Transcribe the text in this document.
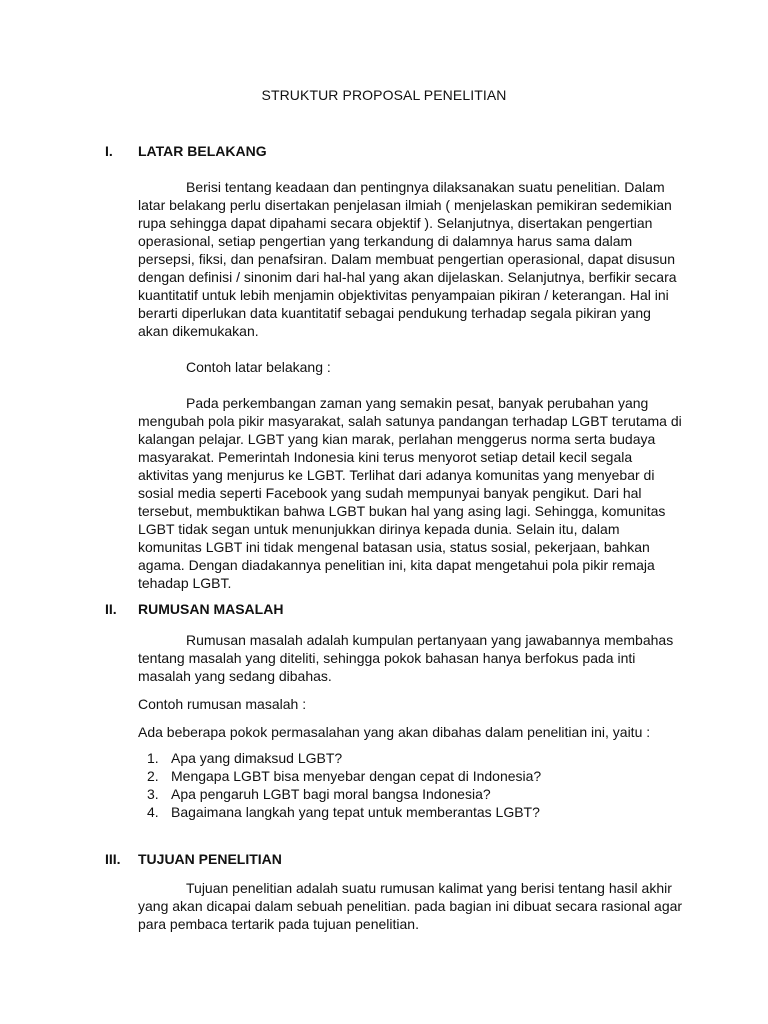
STRUKTUR PROPOSAL PENELITIAN
I. LATAR BELAKANG

Berisi tentang keadaan dan pentingnya dilaksanakan suatu penelitian. Dalam latar belakang perlu disertakan penjelasan ilmiah ( menjelaskan pemikiran sedemikian rupa sehingga dapat dipahami secara objektif ). Selanjutnya, disertakan pengertian operasional, setiap pengertian yang terkandung di dalamnya harus sama dalam persepsi, fiksi, dan penafsiran. Dalam membuat pengertian operasional, dapat disusun dengan definisi / sinonim dari hal-hal yang akan dijelaskan. Selanjutnya, berfikir secara kuantitatif untuk lebih menjamin objektivitas penyampaian pikiran / keterangan. Hal ini berarti diperlukan data kuantitatif sebagai pendukung terhadap segala pikiran yang akan dikemukakan.

Contoh latar belakang :

Pada perkembangan zaman yang semakin pesat, banyak perubahan yang mengubah pola pikir masyarakat, salah satunya pandangan terhadap LGBT terutama di kalangan pelajar. LGBT yang kian marak, perlahan menggerus norma serta budaya masyarakat. Pemerintah Indonesia kini terus menyorot setiap detail kecil segala aktivitas yang menjurus ke LGBT. Terlihat dari adanya komunitas yang menyebar di sosial media seperti Facebook yang sudah mempunyai banyak pengikut. Dari hal tersebut, membuktikan bahwa LGBT bukan hal yang asing lagi. Sehingga, komunitas LGBT tidak segan untuk menunjukkan dirinya kepada dunia. Selain itu, dalam komunitas LGBT ini tidak mengenal batasan usia, status sosial, pekerjaan, bahkan agama. Dengan diadakannya penelitian ini, kita dapat mengetahui pola pikir remaja tehadap LGBT.

II. RUMUSAN MASALAH

Rumusan masalah adalah kumpulan pertanyaan yang jawabannya membahas tentang masalah yang diteliti, sehingga pokok bahasan hanya berfokus pada inti masalah yang sedang dibahas.

Contoh rumusan masalah :

Ada beberapa pokok permasalahan yang akan dibahas dalam penelitian ini, yaitu :

1. Apa yang dimaksud LGBT?
2. Mengapa LGBT bisa menyebar dengan cepat di Indonesia?
3. Apa pengaruh LGBT bagi moral bangsa Indonesia?
4. Bagaimana langkah yang tepat untuk memberantas LGBT?
III. TUJUAN PENELITIAN

Tujuan penelitian adalah suatu rumusan kalimat yang berisi tentang hasil akhir yang akan dicapai dalam sebuah penelitian. pada bagian ini dibuat secara rasional agar para pembaca tertarik pada tujuan penelitian.
